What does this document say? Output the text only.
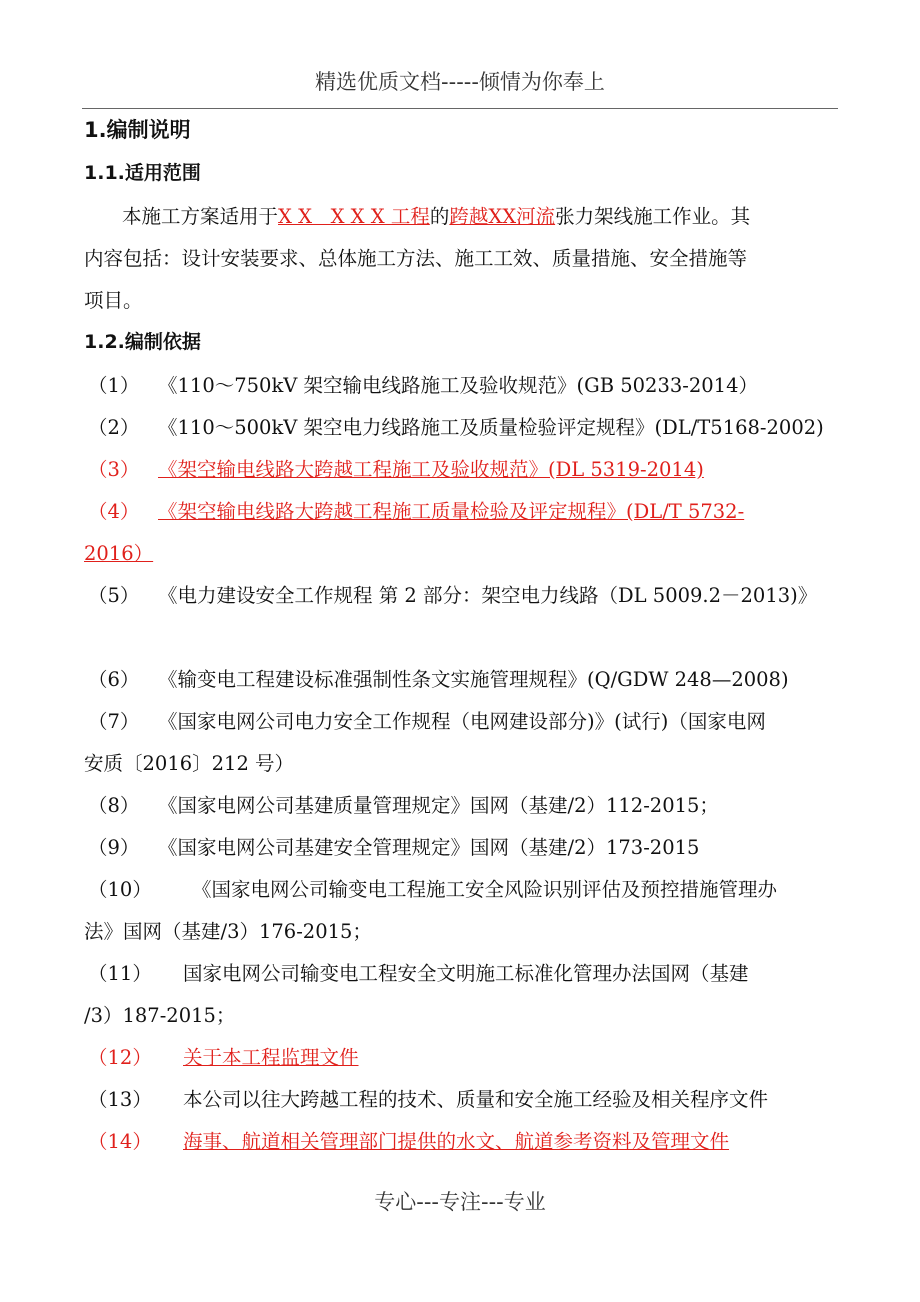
精选优质文档-----倾情为你奉上
1.编制说明
1.1.适用范围
本施工方案适用于X X   X X X 工程的跨越XX河流张力架线施工作业。其
内容包括：设计安装要求、总体施工方法、施工工效、质量措施、安全措施等
项目。
1.2.编制依据
（1） 《110～750kV 架空输电线路施工及验收规范》(GB 50233-2014）
（2） 《110～500kV 架空电力线路施工及质量检验评定规程》(DL/T5168-2002)
（3） 《架空输电线路大跨越工程施工及验收规范》(DL 5319-2014)
（4） 《架空输电线路大跨越工程施工质量检验及评定规程》(DL/T 5732-
2016）
（5） 《电力建设安全工作规程 第 2 部分：架空电力线路（DL 5009.2－2013)》
（6） 《输变电工程建设标准强制性条文实施管理规程》(Q/GDW 248—2008)
（7） 《国家电网公司电力安全工作规程（电网建设部分)》(试行)（国家电网
安质〔2016〕212 号）
（8） 《国家电网公司基建质量管理规定》国网（基建/2）112-2015；
（9） 《国家电网公司基建安全管理规定》国网（基建/2）173-2015
（10） 《国家电网公司输变电工程施工安全风险识别评估及预控措施管理办
法》国网（基建/3）176-2015；
（11） 国家电网公司输变电工程安全文明施工标准化管理办法国网（基建
/3）187-2015；
（12） 关于本工程监理文件
（13） 本公司以往大跨越工程的技术、质量和安全施工经验及相关程序文件
（14） 海事、航道相关管理部门提供的水文、航道参考资料及管理文件
专心---专注---专业
